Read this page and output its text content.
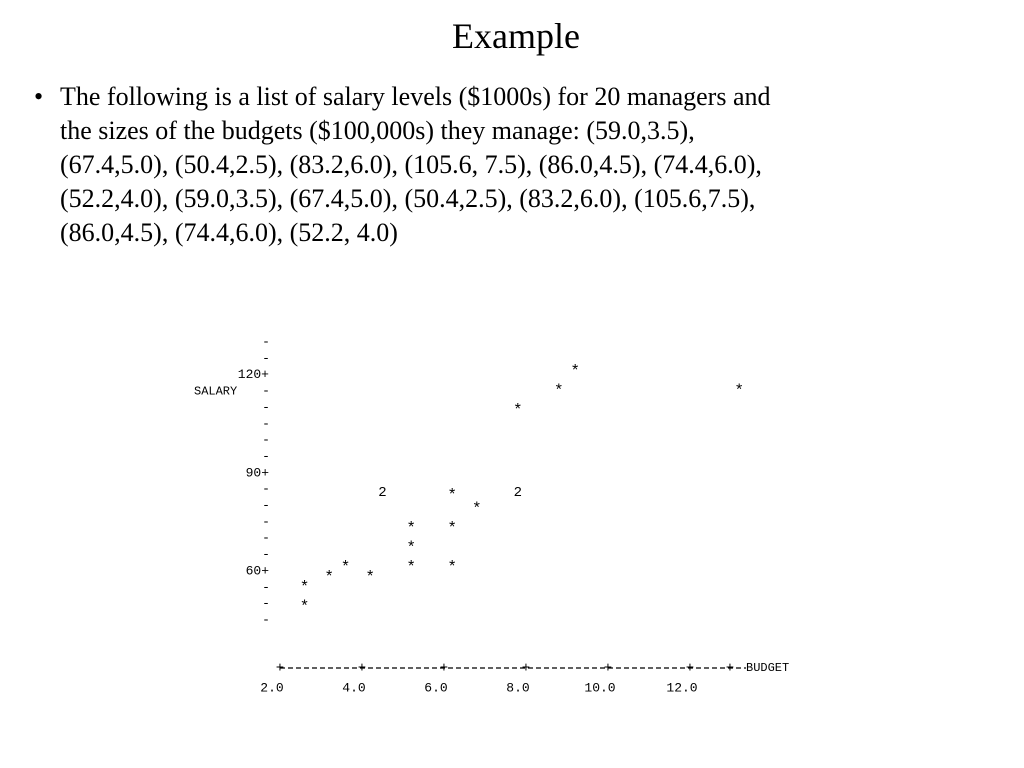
Example
• The following is a list of salary levels ($1000s) for 20 managers and
the sizes of the budgets ($100,000s) they manage: (59.0,3.5),
(67.4,5.0), (50.4,2.5), (83.2,6.0), (105.6, 7.5), (86.0,4.5), (74.4,6.0),
(52.2,4.0), (59.0,3.5), (67.4,5.0), (50.4,2.5), (83.2,6.0), (105.6,7.5),
(86.0,4.5), (74.4,6.0), (52.2, 4.0)
-
-
-
-
-
-
-
-
-
-
-
-
-
-
-
60+
90+
120+
SALARY
+
2.0
+
4.0
+
6.0
+
8.0
+
10.0
+
12.0
+ BUDGET
*
*
*
*
*
2
*
*
*
*
*
*
*
2
*
*
*
*
